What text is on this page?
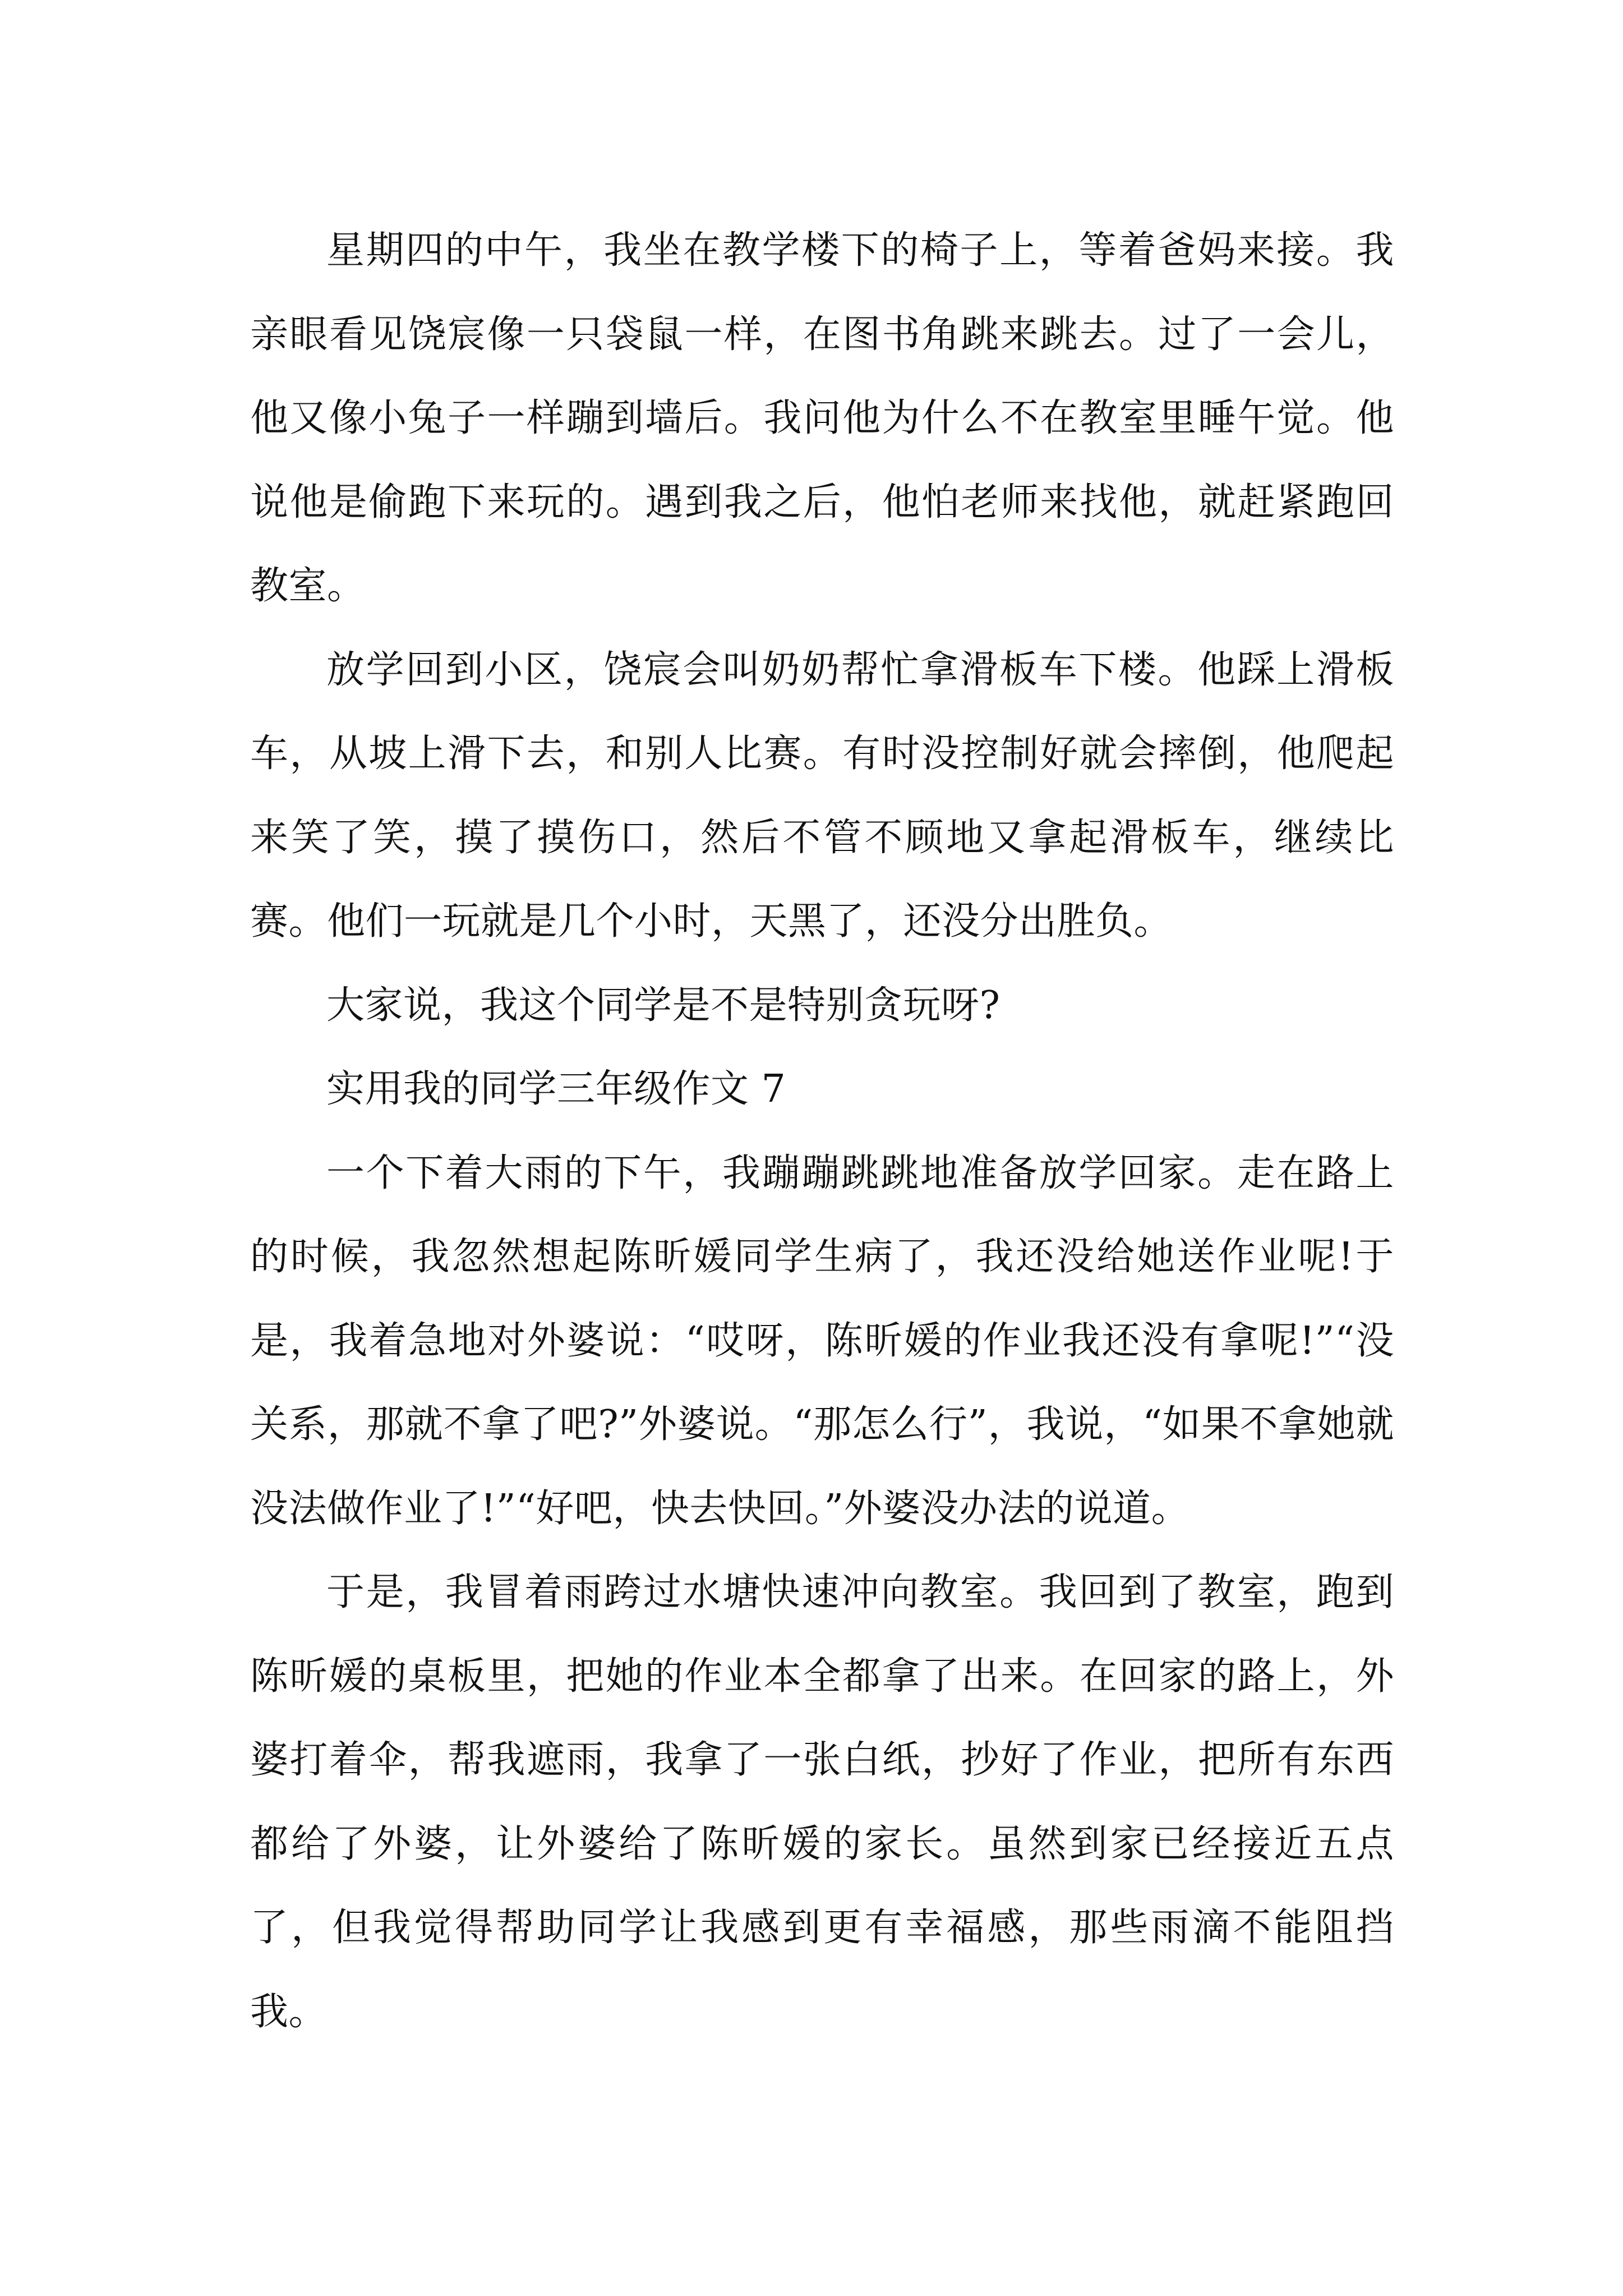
星期四的中午，我坐在教学楼下的椅子上，等着爸妈来接。我亲眼看见饶宸像一只袋鼠一样，在图书角跳来跳去。过了一会儿，他又像小兔子一样蹦到墙后。我问他为什么不在教室里睡午觉。他说他是偷跑下来玩的。遇到我之后，他怕老师来找他，就赶紧跑回教室。

放学回到小区，饶宸会叫奶奶帮忙拿滑板车下楼。他踩上滑板车，从坡上滑下去，和别人比赛。有时没控制好就会摔倒，他爬起来笑了笑，摸了摸伤口，然后不管不顾地又拿起滑板车，继续比赛。他们一玩就是几个小时，天黑了，还没分出胜负。

大家说，我这个同学是不是特别贪玩呀?

实用我的同学三年级作文 7

一个下着大雨的下午，我蹦蹦跳跳地准备放学回家。走在路上的时候，我忽然想起陈昕媛同学生病了，我还没给她送作业呢!于是，我着急地对外婆说：“哎呀，陈昕媛的作业我还没有拿呢!”“没关系，那就不拿了吧?”外婆说。“那怎么行”，我说，“如果不拿她就没法做作业了!”“好吧，快去快回。”外婆没办法的说道。

于是，我冒着雨跨过水塘快速冲向教室。我回到了教室，跑到陈昕媛的桌板里，把她的作业本全都拿了出来。在回家的路上，外婆打着伞，帮我遮雨，我拿了一张白纸，抄好了作业，把所有东西都给了外婆，让外婆给了陈昕媛的家长。虽然到家已经接近五点了，但我觉得帮助同学让我感到更有幸福感，那些雨滴不能阻挡我。
